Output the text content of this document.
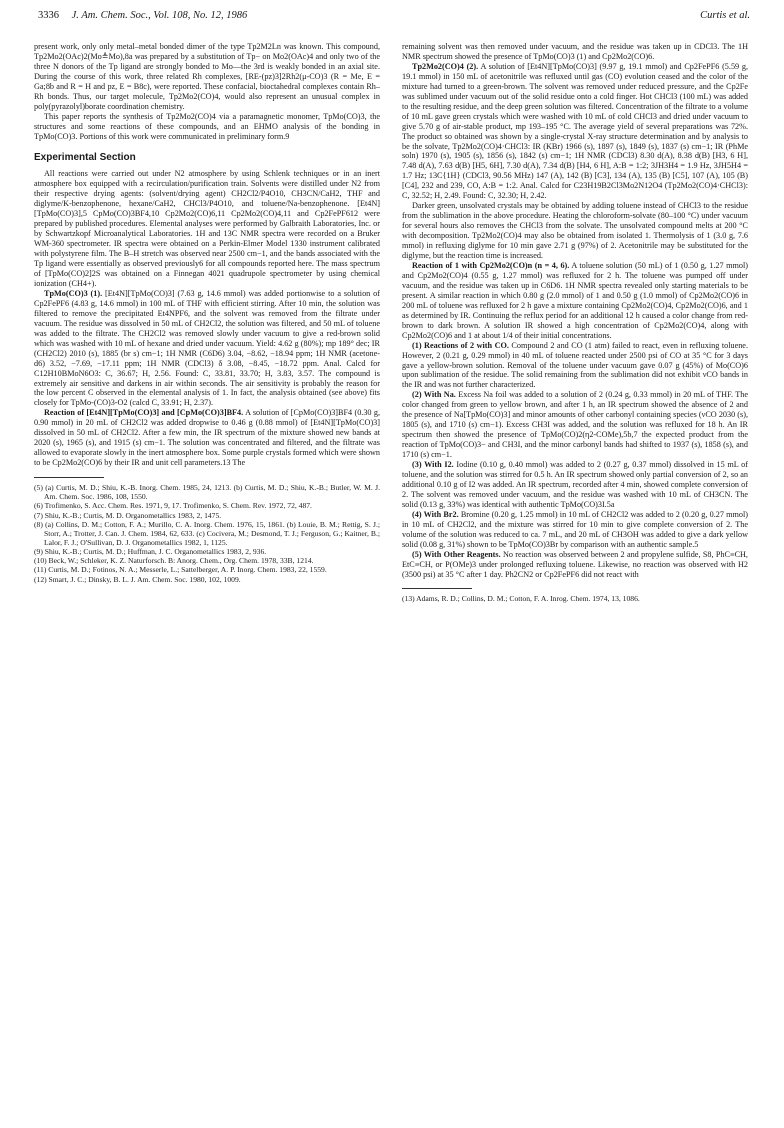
3336 J. Am. Chem. Soc., Vol. 108, No. 12, 1986	Curtis et al.

present work, only only metal–metal bonded dimer of the type Tp2M2Ln was known. This compound, Tp2Mo2(OAc)2(Mo≜Mo),8a was prepared by a substitution of Tp− on Mo2(OAc)4 and only two of the three N donors of the Tp ligand are strongly bonded to Mo—the 3rd is weakly bonded in an axial site. During the course of this work, three related Rh complexes, [RE-(pz)3]2Rh2(μ-CO)3 (R = Me, E = Ga;8b and R = H and pz, E = B8c), were reported. These confacial, bioctahedral complexes contain Rh–Rh bonds. Thus, our target molecule, Tp2Mo2(CO)4, would also represent an unusual complex in poly(pyrazolyl)borate coordination chemistry.

This paper reports the synthesis of Tp2Mo2(CO)4 via a paramagnetic monomer, TpMo(CO)3, the structures and some reactions of these compounds, and an EHMO analysis of the bonding in TpMo(CO)3. Portions of this work were communicated in preliminary form.9

Experimental Section

All reactions were carried out under N2 atmosphere by using Schlenk techniques or in an inert atmosphere box equipped with a recirculation/purification train. Solvents were distilled under N2 from their respective drying agents: (solvent/drying agent) CH2Cl2/P4O10, CH3CN/CaH2, THF and diglyme/K-benzophenone, hexane/CaH2, CHCl3/P4O10, and toluene/Na-benzophenone. [Et4N][TpMo(CO)3],5 CpMo(CO)3BF4,10 Cp2Mo2(CO)6,11 Cp2Mo2(CO)4,11 and Cp2FePF612 were prepared by published procedures. Elemental analyses were performed by Galbraith Laboratories, Inc. or by Schwartzkopf Microanalytical Laboratories. 1H and 13C NMR spectra were recorded on a Bruker WM-360 spectrometer. IR spectra were obtained on a Perkin-Elmer Model 1330 instrument calibrated with polystyrene film. The B–H stretch was observed near 2500 cm−1, and the bands associated with the Tp ligand were essentially as observed previously6 for all compounds reported here. The mass spectrum of [TpMo(CO)2]2S was obtained on a Finnegan 4021 quadrupole spectrometer by using chemical ionization (CH4+).

TpMo(CO)3 (1). [Et4N][TpMo(CO)3] (7.63 g, 14.6 mmol) was added portionwise to a solution of Cp2FePF6 (4.83 g, 14.6 mmol) in 100 mL of THF with efficient stirring. After 10 min, the solution was filtered to remove the precipitated Et4NPF6, and the solvent was removed from the filtrate under vacuum. The residue was dissolved in 50 mL of CH2Cl2, the solution was filtered, and 50 mL of toluene was added to the filtrate. The CH2Cl2 was removed slowly under vacuum to give a red-brown solid which was washed with 10 mL of hexane and dried under vacuum. Yield: 4.62 g (80%); mp 189° dec; IR (CH2Cl2) 2010 (s), 1885 (br s) cm−1; 1H NMR (C6D6) 3.04, −8.62, −18.94 ppm; 1H NMR (acetone-d6) 3.52, −7.69, −17.11 ppm; 1H NMR (CDCl3) δ 3.08, −8.45, −18.72 ppm. Anal. Calcd for C12H10BMoN6O3: C, 36.67; H, 2.56. Found: C, 33.81, 33.70; H, 3.83, 3.57. The compound is extremely air sensitive and darkens in air within seconds. The air sensitivity is probably the reason for the low percent C observed in the elemental analysis of 1. In fact, the analysis obtained (see above) fits closely for TpMo-(CO)3-O2 (calcd C, 33.91; H, 2.37).

Reaction of [Et4N][TpMo(CO)3] and [CpMo(CO)3]BF4. A solution of [CpMo(CO)3]BF4 (0.30 g, 0.90 mmol) in 20 mL of CH2Cl2 was added dropwise to 0.46 g (0.88 mmol) of [Et4N][TpMo(CO)3] dissolved in 50 mL of CH2Cl2. After a few min, the IR spectrum of the mixture showed new bands at 2020 (s), 1965 (s), and 1915 (s) cm−1. The solution was concentrated and filtered, and the filtrate was allowed to evaporate slowly in the inert atmosphere box. Some purple crystals formed which were shown to be Cp2Mo2(CO)6 by their IR and unit cell parameters.13 The

(5) (a) Curtis, M. D.; Shiu, K.-B. Inorg. Chem. 1985, 24, 1213. (b) Curtis, M. D.; Shiu, K.-B.; Butler, W. M. J. Am. Chem. Soc. 1986, 108, 1550.

(6) Trofimenko, S. Acc. Chem. Res. 1971, 9, 17. Trofimenko, S. Chem. Rev. 1972, 72, 487.

(7) Shiu, K.-B.; Curtis, M. D. Organometallics 1983, 2, 1475.

(8) (a) Collins, D. M.; Cotton, F. A.; Murillo, C. A. Inorg. Chem. 1976, 15, 1861. (b) Louie, B. M.; Rettig, S. J.; Storr, A.; Trotter, J. Can. J. Chem. 1984, 62, 633. (c) Cocivera, M.; Desmond, T. J.; Ferguson, G.; Kaitner, B.; Lalor, F. J.; O'Sullivan, D. J. Organometallics 1982, 1, 1125.

(9) Shiu, K.-B.; Curtis, M. D.; Huffman, J. C. Organometallics 1983, 2, 936.

(10) Beck, W.; Schleker, K. Z. Naturforsch. B: Anorg. Chem., Org. Chem. 1978, 33B, 1214.

(11) Curtis, M. D.; Fotinos, N. A.; Messerle, L.; Sattelberger, A. P. Inorg. Chem. 1983, 22, 1559.

(12) Smart, J. C.; Dinsky, B. L. J. Am. Chem. Soc. 1980, 102, 1009.

remaining solvent was then removed under vacuum, and the residue was taken up in CDCl3. The 1H NMR spectrum showed the presence of TpMo(CO)3 (1) and Cp2Mo2(CO)6.

Tp2Mo2(CO)4 (2). A solution of [Et4N][TpMo(CO)3] (9.97 g, 19.1 mmol) and Cp2FePF6 (5.59 g, 19.1 mmol) in 150 mL of acetonitrile was refluxed until gas (CO) evolution ceased and the color of the mixture had turned to a green-brown. The solvent was removed under reduced pressure, and the Cp2Fe was sublimed under vacuum out of the solid residue onto a cold finger. Hot CHCl3 (100 mL) was added to the resulting residue, and the deep green solution was filtered. Concentration of the filtrate to a volume of 10 mL gave green crystals which were washed with 10 mL of cold CHCl3 and dried under vacuum to give 5.70 g of air-stable product, mp 193–195 °C. The average yield of several preparations was 72%. The product so obtained was shown by a single-crystal X-ray structure determination and by analysis to be the solvate, Tp2Mo2(CO)4·CHCl3: IR (KBr) 1966 (s), 1897 (s), 1849 (s), 1837 (s) cm−1; IR (PhMe soln) 1970 (s), 1905 (s), 1856 (s), 1842 (s) cm−1; 1H NMR (CDCl3) 8.30 d(A), 8.38 d(B) [H3, 6 H], 7.48 d(A), 7.63 d(B) [H5, 6H], 7.30 d(A), 7.34 d(B) [H4, 6 H], A:B = 1:2; 3JH3H4 = 1.9 Hz, 3JH5H4 = 1.7 Hz; 13C{1H} (CDCl3, 90.56 MHz) 147 (A), 142 (B) [C3], 134 (A), 135 (B) [C5], 107 (A), 105 (B) [C4], 232 and 239, CO, A:B = 1:2. Anal. Calcd for C23H19B2Cl3Mo2N12O4 (Tp2Mo2(CO)4·CHCl3): C, 32.52; H, 2.49. Found: C, 32.30; H, 2.42.

Darker green, unsolvated crystals may be obtained by adding toluene instead of CHCl3 to the residue from the sublimation in the above procedure. Heating the chloroform-solvate (80–100 °C) under vacuum for several hours also removes the CHCl3 from the solvate. The unsolvated compound melts at 200 °C with decomposition. Tp2Mo2(CO)4 may also be obtained from isolated 1. Thermolysis of 1 (3.0 g, 7.6 mmol) in refluxing diglyme for 10 min gave 2.71 g (97%) of 2. Acetonitrile may be substituted for the diglyme, but the reaction time is increased.

Reaction of 1 with Cp2Mo2(CO)n (n = 4, 6). A toluene solution (50 mL) of 1 (0.50 g, 1.27 mmol) and Cp2Mo2(CO)4 (0.55 g, 1.27 mmol) was refluxed for 2 h. The toluene was pumped off under vacuum, and the residue was taken up in C6D6. 1H NMR spectra revealed only starting materials to be present. A similar reaction in which 0.80 g (2.0 mmol) of 1 and 0.50 g (1.0 mmol) of Cp2Mo2(CO)6 in 200 mL of toluene was refluxed for 2 h gave a mixture containing Cp2Mo2(CO)4, Cp2Mo2(CO)6, and 1 as determined by IR. Continuing the reflux period for an additional 12 h caused a color change from red-brown to dark brown. A solution IR showed a high concentration of Cp2Mo2(CO)4, along with Cp2Mo2(CO)6 and 1 at about 1/4 of their initial concentrations.

(1) Reactions of 2 with CO. Compound 2 and CO (1 atm) failed to react, even in refluxing toluene. However, 2 (0.21 g, 0.29 mmol) in 40 mL of toluene reacted under 2500 psi of CO at 35 °C for 3 days gave a yellow-brown solution. Removal of the toluene under vacuum gave 0.07 g (45%) of Mo(CO)6 upon sublimation of the residue. The solid remaining from the sublimation did not exhibit νCO bands in the IR and was not further characterized.

(2) With Na. Excess Na foil was added to a solution of 2 (0.24 g, 0.33 mmol) in 20 mL of THF. The color changed from green to yellow brown, and after 1 h, an IR spectrum showed the absence of 2 and the presence of Na[TpMo(CO)3] and minor amounts of other carbonyl containing species (νCO 2030 (s), 1805 (s), and 1710 (s) cm−1). Excess CH3I was added, and the solution was refluxed for 18 h. An IR spectrum then showed the presence of TpMo(CO)2(η2-COMe),5b,7 the expected product from the reaction of TpMo(CO)3− and CH3I, and the minor carbonyl bands had shifted to 1937 (s), 1858 (s), and 1710 (s) cm−1.

(3) With I2. Iodine (0.10 g, 0.40 mmol) was added to 2 (0.27 g, 0.37 mmol) dissolved in 15 mL of toluene, and the solution was stirred for 0.5 h. An IR spectrum showed only partial conversion of 2, so an additional 0.10 g of I2 was added. An IR spectrum, recorded after 4 min, showed complete conversion of 2. The solvent was removed under vacuum, and the residue was washed with 10 mL of CH3CN. The solid (0.13 g, 33%) was identical with authentic TpMo(CO)3I.5a

(4) With Br2. Bromine (0.20 g, 1.25 mmol) in 10 mL of CH2Cl2 was added to 2 (0.20 g, 0.27 mmol) in 10 mL of CH2Cl2, and the mixture was stirred for 10 min to give complete conversion of 2. The volume of the solution was reduced to ca. 7 mL, and 20 mL of CH3OH was added to give a dark yellow solid (0.08 g, 31%) shown to be TpMo(CO)3Br by comparison with an authentic sample.5

(5) With Other Reagents. No reaction was observed between 2 and propylene sulfide, S8, PhC≡CH, EtC≡CH, or P(OMe)3 under prolonged refluxing toluene. Likewise, no reaction was observed with H2 (3500 psi) at 35 °C after 1 day. Ph2CN2 or Cp2FePF6 did not react with

(13) Adams, R. D.; Collins, D. M.; Cotton, F. A. Inrog. Chem. 1974, 13, 1086.
